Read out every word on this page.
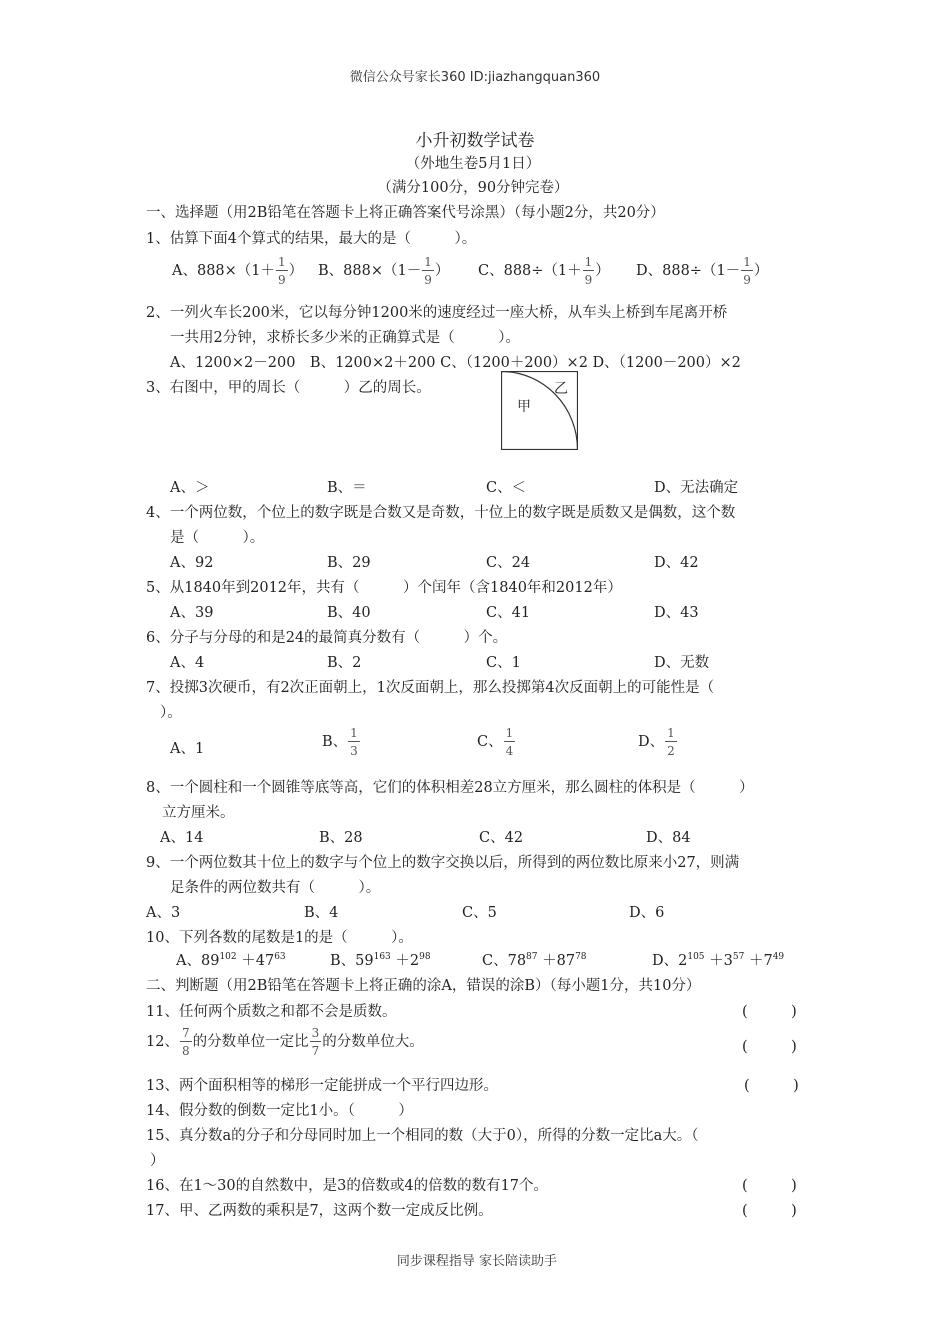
微信公众号家长360 ID:jiazhangquan360
小升初数学试卷
（外地生卷5月1日）
（满分100分，90分钟完卷）
一、选择题（用2B铅笔在答题卡上将正确答案代号涂黑）（每小题2分，共20分）
1、估算下面4个算式的结果，最大的是（　　　）。
A、$888\times(1+ \frac{1}{9}$ ） B、$888\times(1- \frac{1}{9}$ ） C、$888\div(1+ \frac{1}{9}$ ） D、$888\div(1- \frac{1}{9}$ ）
2、一列火车长200米，它以每分钟1200米的速度经过一座大桥，从车头上桥到车尾离开桥
一共用2分钟，求桥长多少米的正确算式是（　　　）。
A、1200×2－200　B、1200×2＋200 C、（1200＋200）×2 D、（1200－200）×2
3、右图中，甲的周长（　　　）乙的周长。
甲
乙
A、＞	B、＝	C、＜	D、无法确定
4、一个两位数，个位上的数字既是合数又是奇数，十位上的数字既是质数又是偶数，这个数
是（　　　）。
A、92	B、29	C、24	D、42
5、从1840年到2012年，共有（　　　）个闰年（含1840年和2012年）
A、39	B、40	C、41	D、43
6、分子与分母的和是24的最简真分数有（　　　）个。
A、4	B、2	C、1	D、无数
7、投掷3次硬币，有2次正面朝上，1次反面朝上，那么投掷第4次反面朝上的可能性是（
）。
A、1	B、 $\frac{1}{3}$	C、 $\frac{1}{4}$	D、 $\frac{1}{2}$
8、一个圆柱和一个圆锥等底等高，它们的体积相差28立方厘米，那么圆柱的体积是（　　　）
立方厘米。
A、14	B、28	C、42	D、84
9、一个两位数其十位上的数字与个位上的数字交换以后，所得到的两位数比原来小27，则满
足条件的两位数共有（　　　）。
A、3	B、4	C、5	D、6
10、下列各数的尾数是1的是（　　　）。
A、$89^{102} +47^{63}$	B、$59^{163} +2^{98}$	C、$78^{87} +87^{78}$	D、$2^{105} +3^{57} +7^{49}$
二、判断题（用2B铅笔在答题卡上将正确的涂A，错误的涂B）（每小题1分，共10分）
11、任何两个质数之和都不会是质数。	(　　　)
12、 $\frac{7}{8}$ 的分数单位一定比 $\frac{3}{7}$ 的分数单位大。	(　　　)
13、两个面积相等的梯形一定能拼成一个平行四边形。	(　　　)
14、假分数的倒数一定比1小。（　　　）
15、真分数a的分子和分母同时加上一个相同的数（大于0），所得的分数一定比a大。（
）
16、在1～30的自然数中，是3的倍数或4的倍数的数有17个。	(　　　)
17、甲、乙两数的乘积是7，这两个数一定成反比例。	(　　　)
同步课程指导 家长陪读助手
